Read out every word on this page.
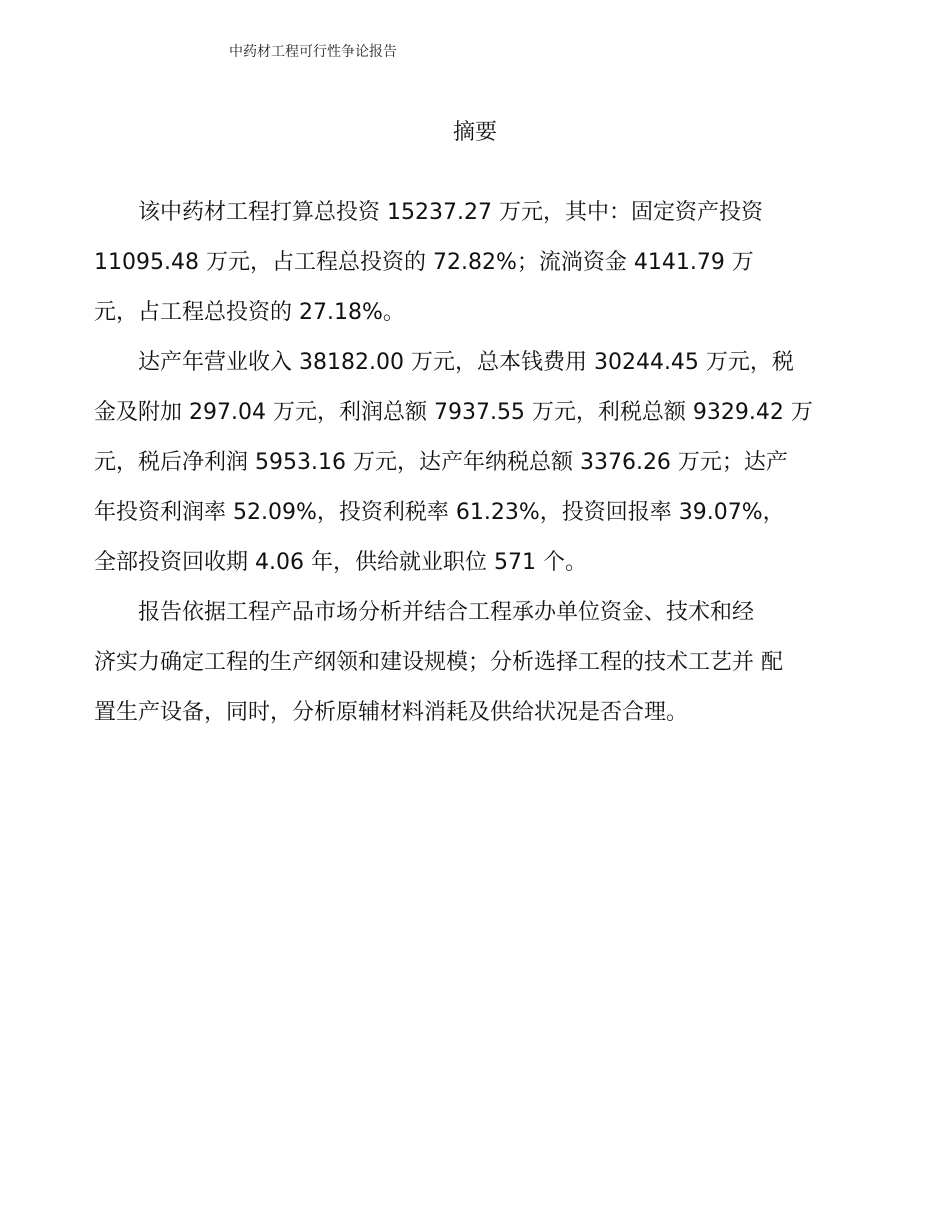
中药材工程可行性争论报告
摘要
该中药材工程打算总投资 15237.27 万元，其中：固定资产投资
11095.48 万元，占工程总投资的 72.82%；流淌资金 4141.79 万
元，占工程总投资的 27.18%。
达产年营业收入 38182.00 万元，总本钱费用 30244.45 万元，税
金及附加 297.04 万元，利润总额 7937.55 万元，利税总额 9329.42 万
元，税后净利润 5953.16 万元，达产年纳税总额 3376.26 万元；达产
年投资利润率 52.09%，投资利税率 61.23%，投资回报率 39.07%，
全部投资回收期 4.06 年，供给就业职位 571 个。
报告依据工程产品市场分析并结合工程承办单位资金、技术和经
济实力确定工程的生产纲领和建设规模；分析选择工程的技术工艺并 配
置生产设备，同时，分析原辅材料消耗及供给状况是否合理。
